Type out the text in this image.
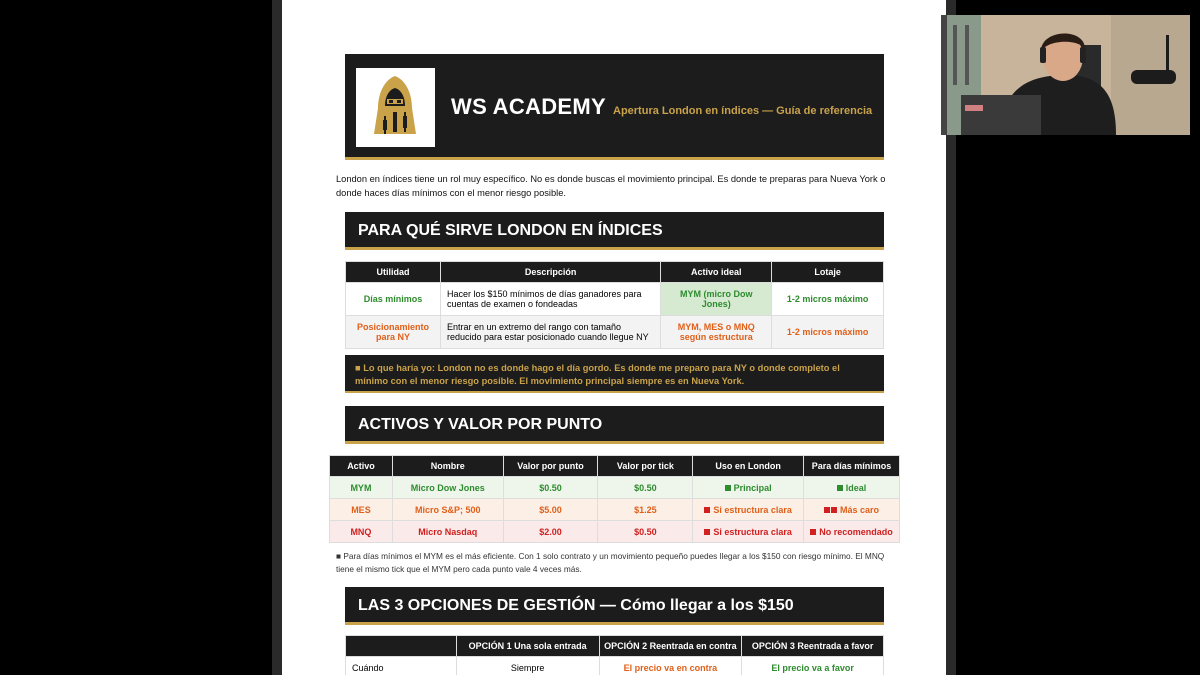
WS ACADEMY Apertura London en índices — Guía de referencia

London en índices tiene un rol muy específico. No es donde buscas el movimiento principal. Es donde te preparas para Nueva York o donde haces días mínimos con el menor riesgo posible.

PARA QUÉ SIRVE LONDON EN ÍNDICES
Utilidad	Descripción	Activo ideal	Lotaje
Días mínimos	Hacer los $150 mínimos de días ganadores para cuentas de examen o fondeadas	MYM (micro Dow Jones)	1-2 micros máximo
Posicionamiento para NY	Entrar en un extremo del rango con tamaño reducido para estar posicionado cuando llegue NY	MYM, MES o MNQ según estructura	1-2 micros máximo
■ Lo que haría yo: London no es donde hago el día gordo. Es donde me preparo para NY o donde completo el mínimo con el menor riesgo posible. El movimiento principal siempre es en Nueva York.
ACTIVOS Y VALOR POR PUNTO
Activo	Nombre	Valor por punto	Valor por tick	Uso en London	Para días mínimos
MYM	Micro Dow Jones	$0.50	$0.50	Principal	Ideal
MES	Micro S&P; 500	$5.00	$1.25	Si estructura clara	Más caro
MNQ	Micro Nasdaq	$2.00	$0.50	Si estructura clara	No recomendado

■ Para días mínimos el MYM es el más eficiente. Con 1 solo contrato y un movimiento pequeño puedes llegar a los $150 con riesgo mínimo. El MNQ tiene el mismo tick que el MYM pero cada punto vale 4 veces más.

LAS 3 OPCIONES DE GESTIÓN — Cómo llegar a los $150
	OPCIÓN 1 Una sola entrada	OPCIÓN 2 Reentrada en contra	OPCIÓN 3 Reentrada a favor
Cuándo	Siempre	El precio va en contra	El precio va a favor
